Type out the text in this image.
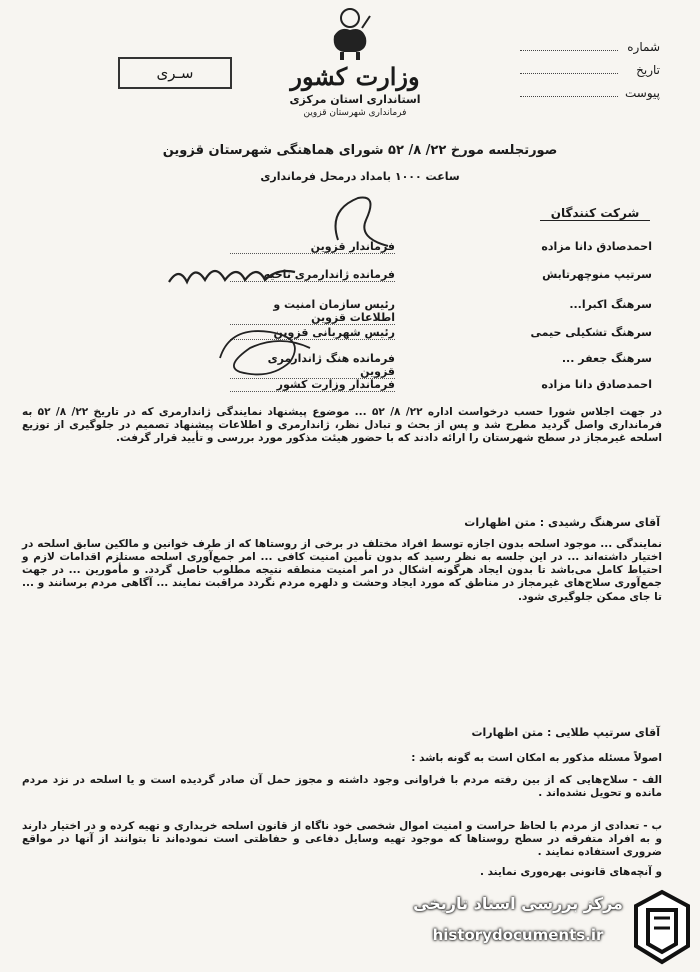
سـری	وزارت کشور
استانداری استان مرکزی
فرمانداری شهرستان قزوین
شماره
تاریخ
پیوست
صورتجلسه مورخ ۲۲/ ۸/ ۵۲ شورای هماهنگی شهرستان قزوین
ساعت ۱۰۰۰ بامداد درمحل فرمانداری
شرکت کنندگان
احمدصادق دانا مزاده
فرماندار قزوین
سرتیپ منوچهرتابش
فرمانده ژاندارمری ناحیه
سرهنگ اکبرا...
رئیس سازمان امنیت و اطلاعات قزوین
سرهنگ تشکیلی حیمی
رئیس شهربانی قزوین
سرهنگ جعفر ...
فرمانده هنگ ژاندارمری قزوین
احمدصادق دانا مزاده
فرماندار وزارت کشور
در جهت اجلاس شورا حسب درخواست اداره ۲۲/ ۸/ ۵۲ ... موضوع پیشنهاد نمایندگی ژاندارمری که در تاریخ ۲۲/ ۸/ ۵۲ به فرمانداری واصل گردید مطرح شد و پس از بحث و تبادل نظر، ژاندارمری و اطلاعات پیشنهاد تصمیم در جلوگیری از توزیع اسلحه غیرمجاز در سطح شهرستان را ارائه دادند که با حضور هیئت مذکور مورد بررسی و تأیید قرار گرفت.
آقای سرهنگ رشیدی : متن اظهارات
نمایندگی ... موجود اسلحه بدون اجازه توسط افراد مختلف در برخی از روستاها که از طرف خوانین و مالکین سابق اسلحه در اختیار داشته‌اند ... در این جلسه به نظر رسید که بدون تأمین امنیت کافی ... امر جمع‌آوری اسلحه مستلزم اقدامات لازم و احتیاط کامل می‌باشد تا بدون ایجاد هرگونه اشکال در امر امنیت منطقه نتیجه مطلوب حاصل گردد. و مأمورین ... در جهت جمع‌آوری سلاح‌های غیرمجاز در مناطق که مورد ایجاد وحشت و دلهره مردم نگردد مراقبت نمایند ... آگاهی مردم برسانند و ... تا جای ممکن جلوگیری شود.
آقای سرتیپ طلایی : متن اظهارات
اصولاً مسئله مذکور به امکان است به گونه باشد :
الف - سلاح‌هایی که از بین رفته مردم با فراوانی وجود داشته و مجوز حمل آن صادر گردیده است و یا اسلحه در نزد مردم مانده و تحویل نشده‌اند .
ب - تعدادی از مردم با لحاظ حراست و امنیت اموال شخصی خود ناگاه از قانون اسلحه خریداری و تهیه کرده و در اختیار دارند و به افراد متفرقه در سطح روستاها که موجود تهیه وسایل دفاعی و حفاظتی است نموده‌اند تا بتوانند از آنها در مواقع ضروری استفاده نمایند .
و آنچه‌های قانونی بهره‌وری نمایند .
مرکز بررسی اسناد تاریخی
historydocuments.ir
